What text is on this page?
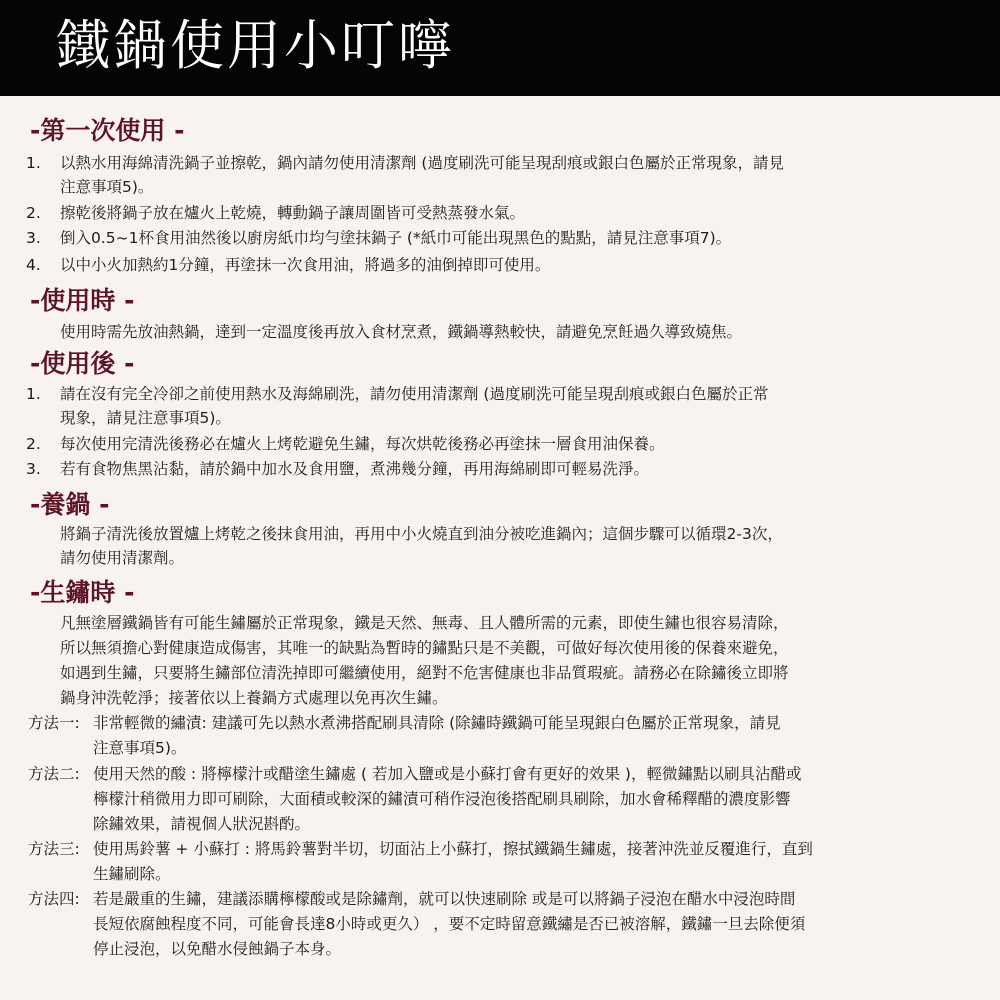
鐵鍋使用小叮嚀
-第一次使用 -
1. 以熱水用海綿清洗鍋子並擦乾，鍋內請勿使用清潔劑 (過度刷洗可能呈現刮痕或銀白色屬於正常現象，請見
注意事項5)。
2. 擦乾後將鍋子放在爐火上乾燒，轉動鍋子讓周圍皆可受熱蒸發水氣。
3. 倒入0.5~1杯食用油然後以廚房紙巾均勻塗抹鍋子 (*紙巾可能出現黑色的點點，請見注意事項7)。
4. 以中小火加熱約1分鐘，再塗抹一次食用油，將過多的油倒掉即可使用。
-使用時 -
使用時需先放油熱鍋，達到一定溫度後再放入食材烹煮，鐵鍋導熱較快，請避免烹飪過久導致燒焦。
-使用後 -
1. 請在沒有完全冷卻之前使用熱水及海綿刷洗，請勿使用清潔劑 (過度刷洗可能呈現刮痕或銀白色屬於正常
現象，請見注意事項5)。
2. 每次使用完清洗後務必在爐火上烤乾避免生鏽，每次烘乾後務必再塗抹一層食用油保養。
3. 若有食物焦黑沾黏，請於鍋中加水及食用鹽，煮沸幾分鐘，再用海綿刷即可輕易洗淨。
-養鍋 -
將鍋子清洗後放置爐上烤乾之後抹食用油，再用中小火燒直到油分被吃進鍋內；這個步驟可以循環2-3次，
請勿使用清潔劑。
-生鏽時 -
凡無塗層鐵鍋皆有可能生鏽屬於正常現象，鐵是天然、無毒、且人體所需的元素，即使生鏽也很容易清除，
所以無須擔心對健康造成傷害，其唯一的缺點為暫時的鏽點只是不美觀，可做好每次使用後的保養來避免，
如遇到生鏽，只要將生鏽部位清洗掉即可繼續使用，絕對不危害健康也非品質瑕疵。請務必在除鏽後立即將
鍋身沖洗乾淨；接著依以上養鍋方式處理以免再次生鏽。
方法一: 非常輕微的繡漬: 建議可先以熱水煮沸搭配刷具清除 (除鏽時鐵鍋可能呈現銀白色屬於正常現象，請見
注意事項5)。
方法二: 使用天然的酸 : 將檸檬汁或醋塗生鏽處 ( 若加入鹽或是小蘇打會有更好的效果 )，輕微鏽點以刷具沾醋或
檸檬汁稍微用力即可刷除，大面積或較深的鏽漬可稍作浸泡後搭配刷具刷除，加水會稀釋醋的濃度影響
除鏽效果，請視個人狀況斟酌。
方法三: 使用馬鈴薯 + 小蘇打 : 將馬鈴薯對半切，切面沾上小蘇打，擦拭鐵鍋生鏽處，接著沖洗並反覆進行，直到
生鏽刷除。
方法四: 若是嚴重的生鏽，建議添購檸檬酸或是除鏽劑，就可以快速刷除 或是可以將鍋子浸泡在醋水中浸泡時間
長短依腐蝕程度不同，可能會長達8小時或更久） ，要不定時留意鐵繡是否已被溶解，鐵鏽一旦去除便須
停止浸泡，以免醋水侵蝕鍋子本身。
